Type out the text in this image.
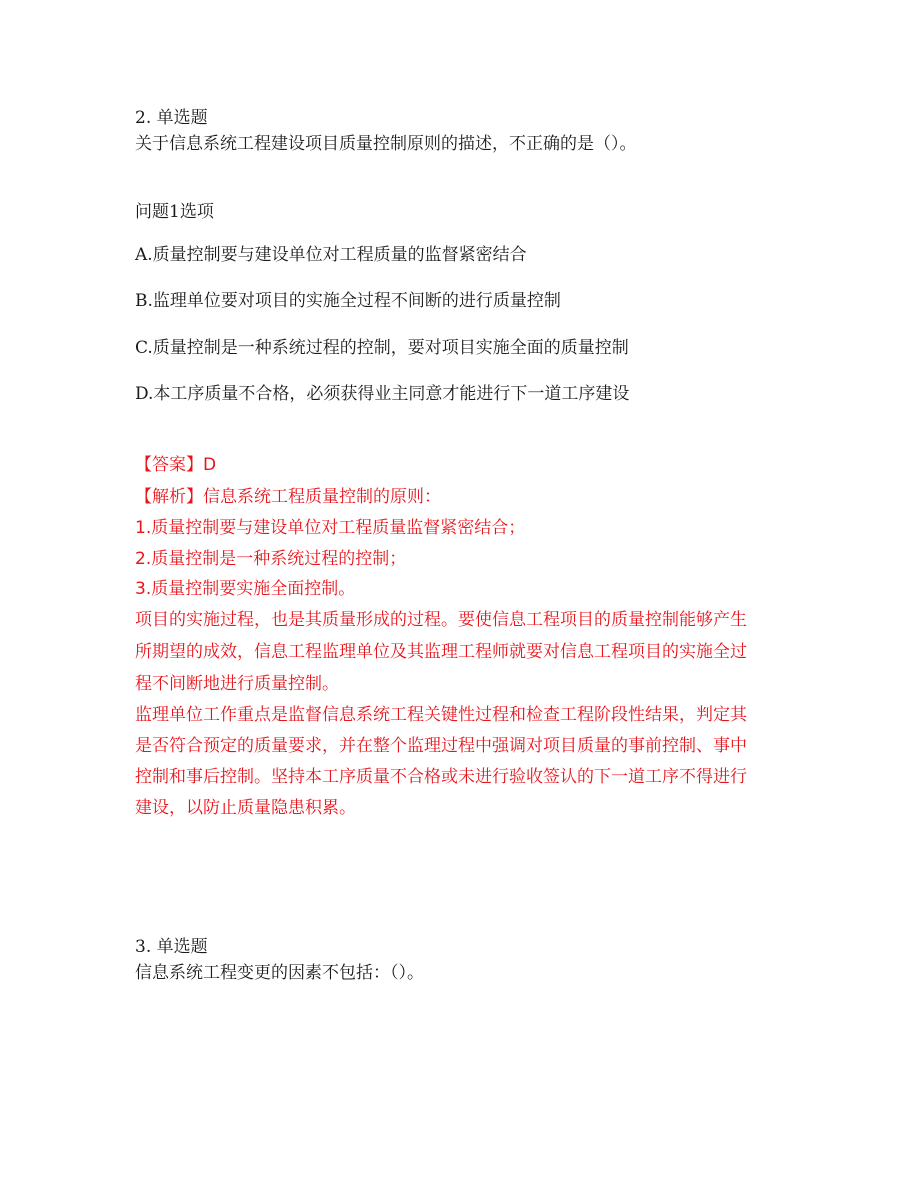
2. 单选题
关于信息系统工程建设项目质量控制原则的描述，不正确的是（）。
问题1选项
A.质量控制要与建设单位对工程质量的监督紧密结合
B.监理单位要对项目的实施全过程不间断的进行质量控制
C.质量控制是一种系统过程的控制，要对项目实施全面的质量控制
D.本工序质量不合格，必须获得业主同意才能进行下一道工序建设
【答案】D
【解析】信息系统工程质量控制的原则：
1.质量控制要与建设单位对工程质量监督紧密结合；
2.质量控制是一种系统过程的控制；
3.质量控制要实施全面控制。
项目的实施过程，也是其质量形成的过程。要使信息工程项目的质量控制能够产生
所期望的成效，信息工程监理单位及其监理工程师就要对信息工程项目的实施全过
程不间断地进行质量控制。
监理单位工作重点是监督信息系统工程关键性过程和检查工程阶段性结果，判定其
是否符合预定的质量要求，并在整个监理过程中强调对项目质量的事前控制、事中
控制和事后控制。坚持本工序质量不合格或未进行验收签认的下一道工序不得进行
建设，以防止质量隐患积累。
3. 单选题
信息系统工程变更的因素不包括：（）。
